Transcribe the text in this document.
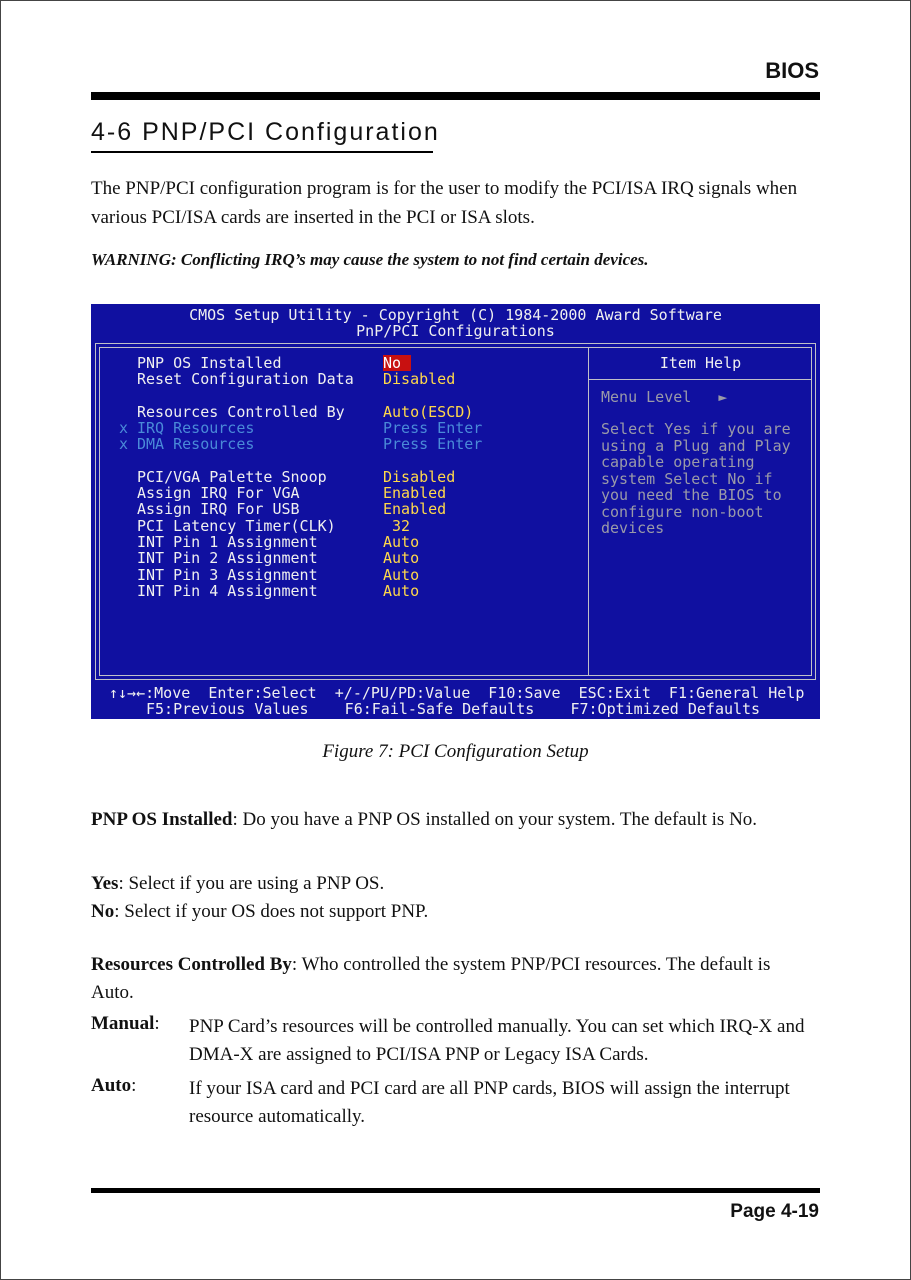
BIOS
4-6 PNP/PCI Configuration
The PNP/PCI configuration program is for the user to modify the PCI/ISA IRQ signals when various PCI/ISA cards are inserted in the PCI or ISA slots.
WARNING: Conflicting IRQ’s may cause the system to not find certain devices.
CMOS Setup Utility - Copyright (C) 1984-2000 Award Software
PnP/PCI Configurations
Item Help
PNP OS Installed	No
Reset Configuration Data Disabled
Resources Controlled By	Auto(ESCD)
x IRQ Resources	Press Enter
x DMA Resources	Press Enter
PCI/VGA Palette Snoop	Disabled
Assign IRQ For VGA	Enabled
Assign IRQ For USB	Enabled
PCI Latency Timer(CLK)	32
INT Pin 1 Assignment	Auto
INT Pin 2 Assignment	Auto
INT Pin 3 Assignment	Auto
INT Pin 4 Assignment	Auto
Menu Level   ►
Select Yes if you are using a Plug and Play capable operating system Select No if you need the BIOS to configure non-boot devices
↑↓→←:Move  Enter:Select  +/-/PU/PD:Value  F10:Save  ESC:Exit  F1:General Help
F5:Previous Values    F6:Fail-Safe Defaults    F7:Optimized Defaults
Figure 7: PCI Configuration Setup
PNP OS Installed: Do you have a PNP OS installed on your system. The default is No.
Yes: Select if you are using a PNP OS.
No: Select if your OS does not support PNP.
Resources Controlled By: Who controlled the system PNP/PCI resources. The default is Auto.
Manual: PNP Card’s resources will be controlled manually. You can set which IRQ-X and DMA-X are assigned to PCI/ISA PNP or Legacy ISA Cards.
Auto:	If your ISA card and PCI card are all PNP cards, BIOS will assign the interrupt resource automatically.
Page 4-19
